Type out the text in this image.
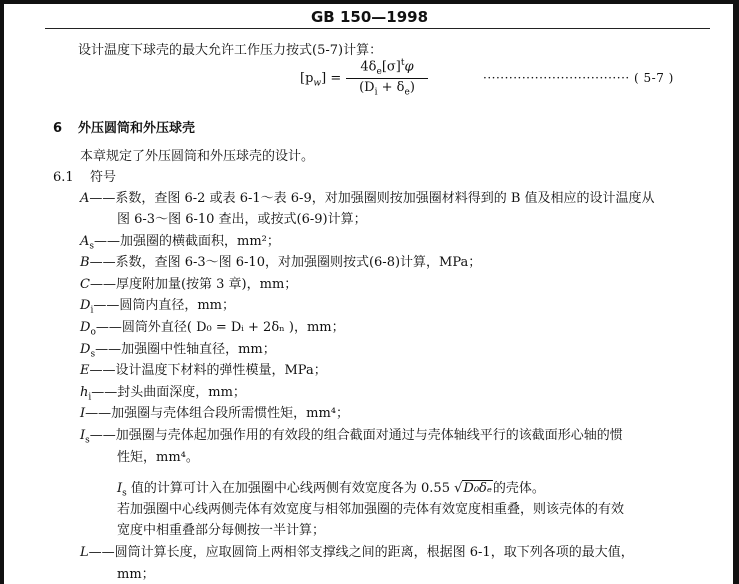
GB 150—1998
设计温度下球壳的最大允许工作压力按式(5-7)计算：
$[p_w] = \frac{4\delta_e[\sigma]^t\varphi}{(D_i + \delta_e)}$	·································· ( 5-7 )
6 外压圆筒和外压球壳
本章规定了外压圆筒和外压球壳的设计。
6.1 符号
A——系数，查图 6-2 或表 6-1～表 6-9，对加强圈则按加强圈材料得到的 B 值及相应的设计温度从
图 6-3～图 6-10 查出，或按式(6-9)计算；
$A_s——$加强圈的横截面积，mm²；
B——系数，查图 6-3～图 6-10，对加强圈则按式(6-8)计算，MPa；
C——厚度附加量(按第 3 章)，mm；
$D_i——$圆筒内直径，mm；
$D_o——$圆筒外直径( D₀ = Dᵢ + 2δₙ )，mm；
$D_s——$加强圈中性轴直径，mm；
E——设计温度下材料的弹性模量，MPa；
$h_i——$封头曲面深度，mm；
I——加强圈与壳体组合段所需惯性矩，mm⁴；
$I_s——$加强圈与壳体起加强作用的有效段的组合截面对通过与壳体轴线平行的该截面形心轴的惯
性矩，mm⁴。
$I_s$ 值的计算可计入在加强圈中心线两侧有效宽度各为 0.55 √D₀δₑ的壳体。
若加强圈中心线两侧壳体有效宽度与相邻加强圈的壳体有效宽度相重叠，则该壳体的有效
宽度中相重叠部分每侧按一半计算；
L——圆筒计算长度，应取圆筒上两相邻支撑线之间的距离，根据图 6-1，取下列各项的最大值，
mm；
